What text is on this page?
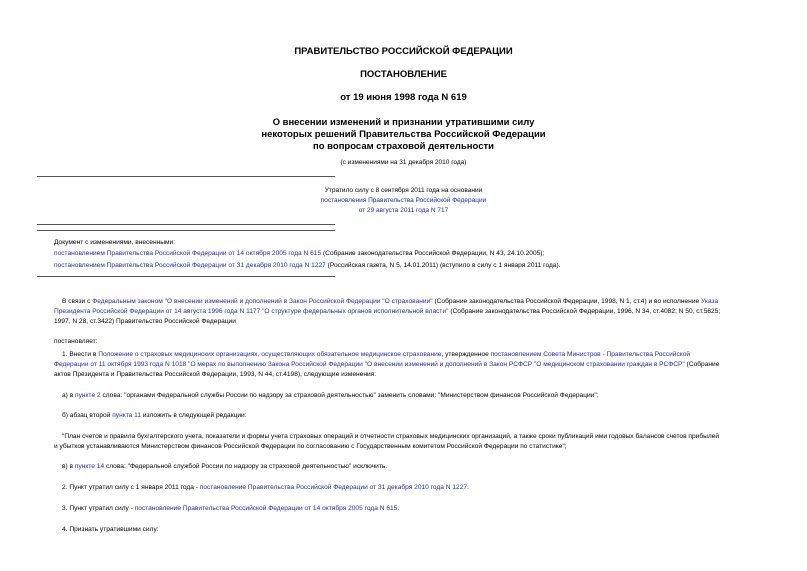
ПРАВИТЕЛЬСТВО РОССИЙСКОЙ ФЕДЕРАЦИИ
ПОСТАНОВЛЕНИЕ
от 19 июня 1998 года N 619
О внесении изменений и признании утратившими силу
некоторых решений Правительства Российской Федерации
по вопросам страховой деятельности
(с изменениями на 31 декабря 2010 года)
Утратило силу с 8 сентября 2011 года на основании
постановления Правительства Российской Федерации
от 29 августа 2011 года N 717
Документ с изменениями, внесенными:
постановлением Правительства Российской Федерации от 14 октября 2005 года N 615 (Собрание законодательства Российской Федерации, N 43, 24.10.2005);
постановлением Правительства Российской Федерации от 31 декабря 2010 года N 1227 (Российская газета, N 5, 14.01.2011) (вступило в силу с 1 января 2011 года).
В связи с Федеральным законом "О внесении изменений и дополнений в Закон Российской Федерации "О страховании" (Собрание законодательства Российской Федерации, 1998, N 1, ст.4) и во исполнение Указа
Президента Российской Федерации от 14 августа 1996 года N 1177 "О структуре федеральных органов исполнительной власти" (Собрание законодательства Российской Федерации, 1996, N 34, ст.4082; N 50, ст.5625;
1997, N 28, ст.3422) Правительство Российской Федерации
постановляет:
1. Внести в Положение о страховых медицинских организациях, осуществляющих обязательное медицинское страхование, утвержденное постановлением Совета Министров - Правительства Российской
Федерации от 11 октября 1993 года N 1018 "О мерах по выполнению Закона Российской Федерации "О внесении изменений и дополнений в Закон РСФСР "О медицинском страховании граждан в РСФСР" (Собрание
актов Президента и Правительства Российской Федерации, 1993, N 44, ст.4198), следующие изменения:
а) в пункте 2 слова: "органами Федеральной службы России по надзору за страховой деятельностью" заменить словами: "Министерством финансов Российской Федерации";
б) абзац второй пункта 11 изложить в следующей редакции:
"План счетов и правила бухгалтерского учета, показатели и формы учета страховых операций и отчетности страховых медицинских организаций, а также сроки публикаций ими годовых балансов счетов прибылей
и убытков устанавливаются Министерством финансов Российской Федерации по согласованию с Государственным комитетом Российской Федерации по статистике";
в) в пункте 14 слова: "Федеральной службой России по надзору за страховой деятельностью" исключить.
2. Пункт утратил силу с 1 января 2011 года - постановление Правительства Российской Федерации от 31 декабря 2010 года N 1227.
3. Пункт утратил силу - постановление Правительства Российской Федерации от 14 октября 2005 года N 615.
4. Признать утратившими силу:
